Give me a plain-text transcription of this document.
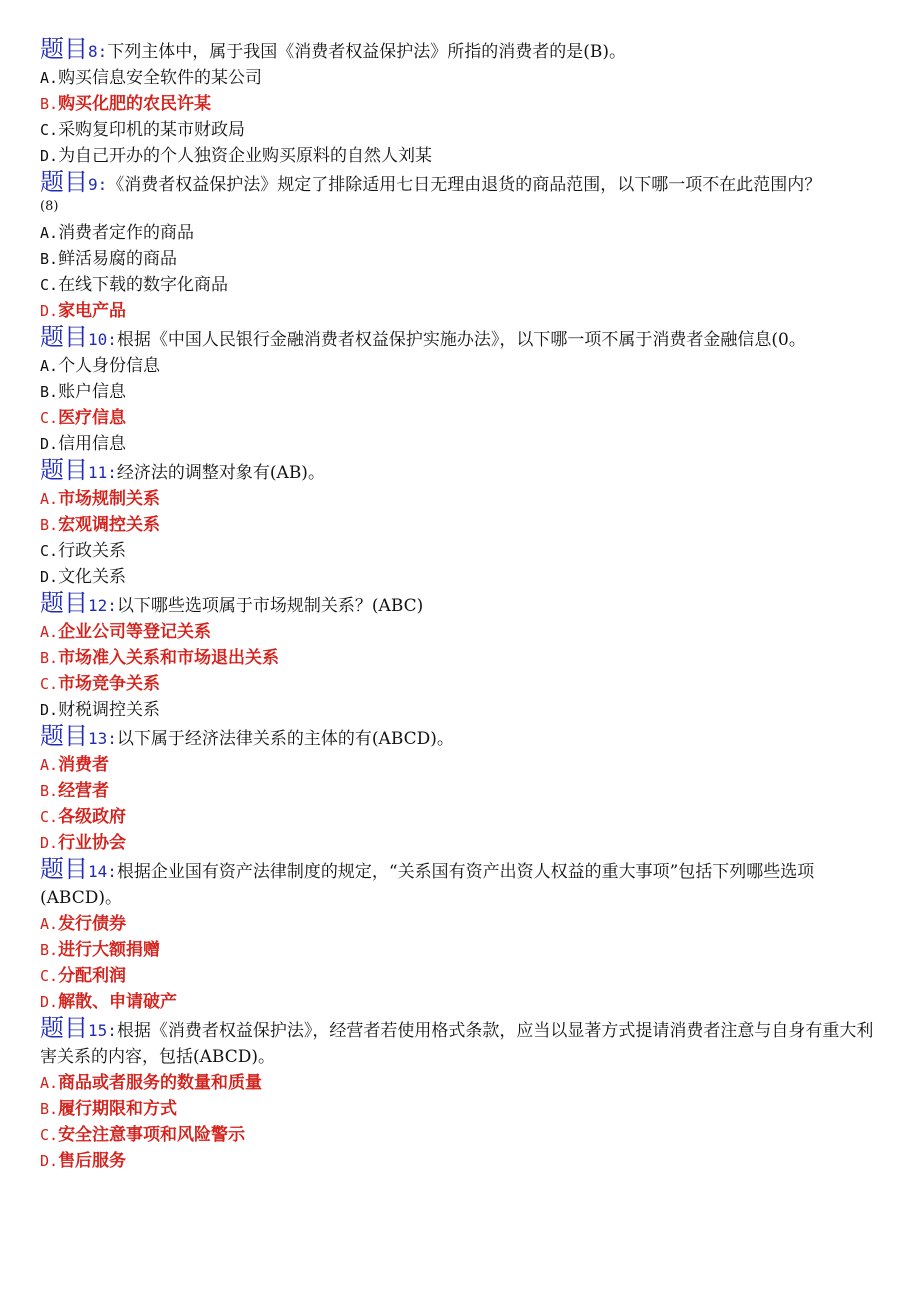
题目8:下列主体中，属于我国《消费者权益保护法》所指的消费者的是(B)。

A.购买信息安全软件的某公司

B.购买化肥的农民许某

C.采购复印机的某市财政局

D.为自己开办的个人独资企业购买原料的自然人刘某

题目9:《消费者权益保护法》规定了排除适用七日无理由退货的商品范围，以下哪一项不在此范围内？

(8)

A.消费者定作的商品

B.鲜活易腐的商品

C.在线下载的数字化商品

D.家电产品

题目10:根据《中国人民银行金融消费者权益保护实施办法》，以下哪一项不属于消费者金融信息(0。

A.个人身份信息

B.账户信息

C.医疗信息

D.信用信息

题目11:经济法的调整对象有(AB)。

A.市场规制关系

B.宏观调控关系

C.行政关系

D.文化关系

题目12:以下哪些选项属于市场规制关系？(ABC)

A.企业公司等登记关系

B.市场准入关系和市场退出关系

C.市场竞争关系

D.财税调控关系

题目13:以下属于经济法律关系的主体的有(ABCD)。

A.消费者

B.经营者

C.各级政府

D.行业协会

题目14:根据企业国有资产法律制度的规定，“关系国有资产出资人权益的重大事项”包括下列哪些选项(ABCD)。

A.发行债券

B.进行大额捐赠

C.分配利润

D.解散、申请破产

题目15:根据《消费者权益保护法》，经营者若使用格式条款，应当以显著方式提请消费者注意与自身有重大利害关系的内容，包括(ABCD)。

A.商品或者服务的数量和质量

B.履行期限和方式

C.安全注意事项和风险警示

D.售后服务
